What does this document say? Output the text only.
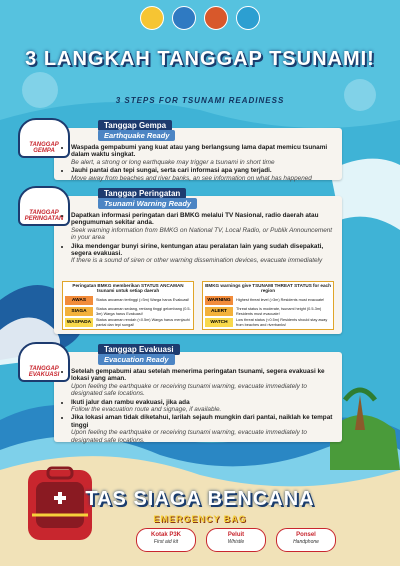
3 LANGKAH TANGGAP TSUNAMI!
3 STEPS FOR TSUNAMI READINESS
TANGGAP GEMPA
Tanggap Gempa
Earthquake Ready
• Waspada gempabumi yang kuat atau yang berlangsung lama dapat memicu tsunami dalam waktu singkat.
Be alert, a strong or long earthquake may trigger a tsunami in short time
• Jauhi pantai dan tepi sungai, serta cari informasi apa yang terjadi.
Move away from beaches and river banks, an see information on what has happened
TANGGAP PERINGATAN
Tanggap Peringatan
Tsunami Warning Ready
• Dapatkan informasi peringatan dari BMKG melalui TV Nasional, radio daerah atau pengumuman sekitar anda.
Seek warning information from BMKG on National TV, Local Radio, or Publik Announcement in your area
• Jika mendengar bunyi sirine, kentungan atau peralatan lain yang sudah disepakati, segera evakuasi.
If there is a sound of siren or other warning dissemination devices, evacuate immediately
Peringatan BMKG memberikan STATUS ANCAMAN tsunami untuk setiap daerah
AWAS	Status ancaman tertinggi (>3m) Warga harus Evakuasi!
SIAGA	Status ancaman sedang, rentang tinggi gelombang (0.5-3m) Warga harus Evakuasi!
WASPADA	Status ancaman rendah (<0.5m) Warga harus menjauhi pantai dan tepi sungai!
BMKG warnings give TSUNAMI THREAT STATUS for each region
WARNING	Highest threat level (>3m) Residents must evacuate!
ALERT	Threat status is moderate, tsunami height (0.5-3m) Residents must evacuate!
WATCH	Low threat status (<0.5m) Residents should stay away from beaches and riverbanks!
TANGGAP EVAKUASI
Tanggap Evakuasi
Evacuation Ready
• Setelah gempabumi atau setelah menerima peringatan tsunami, segera evakuasi ke lokasi yang aman.
Upon feeling the earthquake or receiving tsunami warning, evacuate immediately to designated safe locations.
• Ikuti jalur dan rambu evakuasi, jika ada
Follow the evacuation route and signage, if available.
• Jika lokasi aman tidak diketahui, larilah sejauh mungkin dari pantai, naiklah ke tempat tinggi
Upon feeling the earthquake or receiving tsunami warning, evacuate immediately to designated safe locations.
TAS SIAGA BENCANA
EMERGENCY BAG
Kotak P3K
First aid kit
Peluit
Whistle
Ponsel
Handphone
